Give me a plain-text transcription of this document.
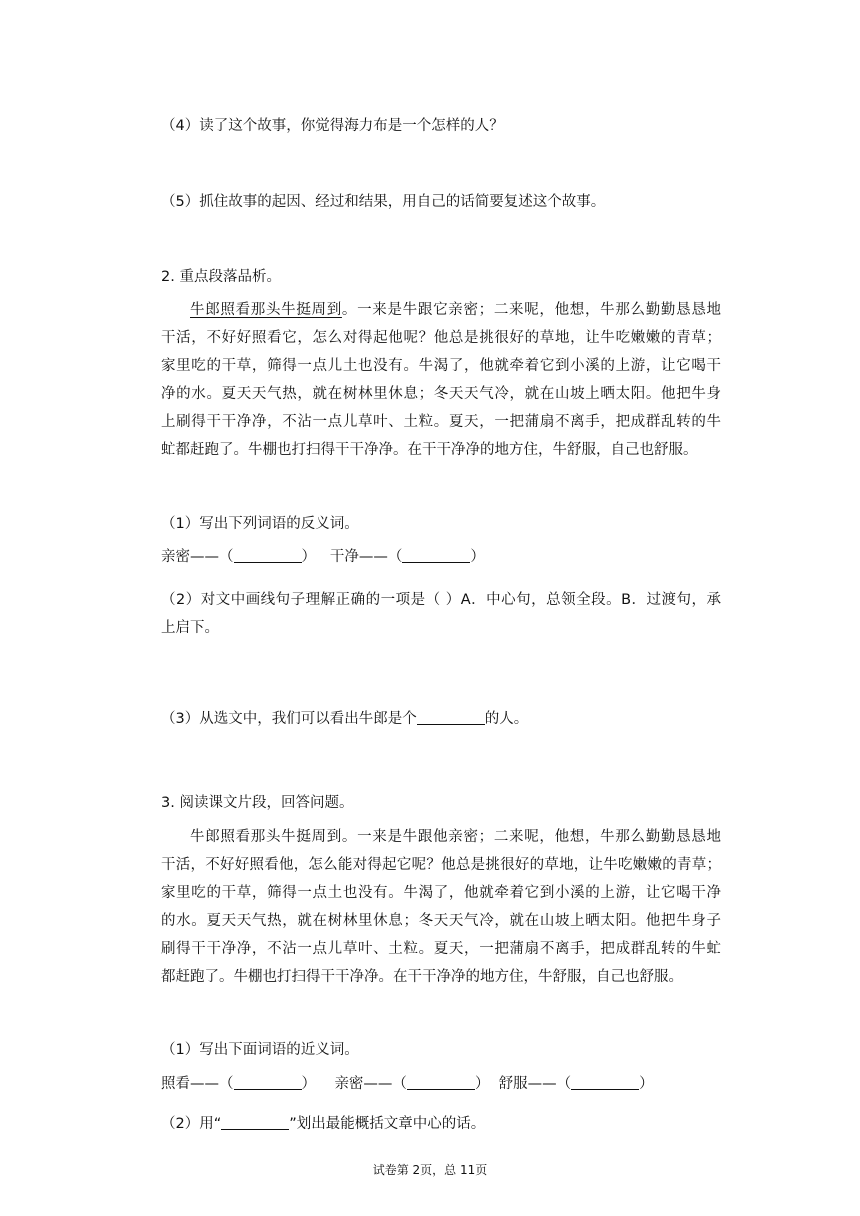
（4）读了这个故事，你觉得海力布是一个怎样的人？
（5）抓住故事的起因、经过和结果，用自己的话简要复述这个故事。
2. 重点段落品析。
牛郎照看那头牛挺周到。一来是牛跟它亲密；二来呢，他想，牛那么勤勤恳恳地
干活，不好好照看它，怎么对得起他呢？他总是挑很好的草地，让牛吃嫩嫩的青草；
家里吃的干草，筛得一点儿土也没有。牛渴了，他就牵着它到小溪的上游，让它喝干
净的水。夏天天气热，就在树林里休息；冬天天气冷，就在山坡上晒太阳。他把牛身
上刷得干干净净，不沾一点儿草叶、土粒。夏天，一把蒲扇不离手，把成群乱转的牛
虻都赶跑了。牛棚也打扫得干干净净。在干干净净的地方住，牛舒服，自己也舒服。
（1）写出下列词语的反义词。
亲密——（	） 干净——（	）
（2）对文中画线句子理解正确的一项是（ ）A．中心句，总领全段。B．过渡句，承
上启下。
（3）从选文中，我们可以看出牛郎是个	的人。
3. 阅读课文片段，回答问题。
牛郎照看那头牛挺周到。一来是牛跟他亲密；二来呢，他想，牛那么勤勤恳恳地
干活，不好好照看他，怎么能对得起它呢？他总是挑很好的草地，让牛吃嫩嫩的青草；
家里吃的干草，筛得一点土也没有。牛渴了，他就牵着它到小溪的上游，让它喝干净
的水。夏天天气热，就在树林里休息；冬天天气冷，就在山坡上晒太阳。他把牛身子
刷得干干净净，不沾一点儿草叶、土粒。夏天，一把蒲扇不离手，把成群乱转的牛虻
都赶跑了。牛棚也打扫得干干净净。在干干净净的地方住，牛舒服，自己也舒服。
（1）写出下面词语的近义词。
照看——（	） 亲密——（	） 舒服——（	）
（2）用“	”划出最能概括文章中心的话。
试卷第 2页，总 11页
